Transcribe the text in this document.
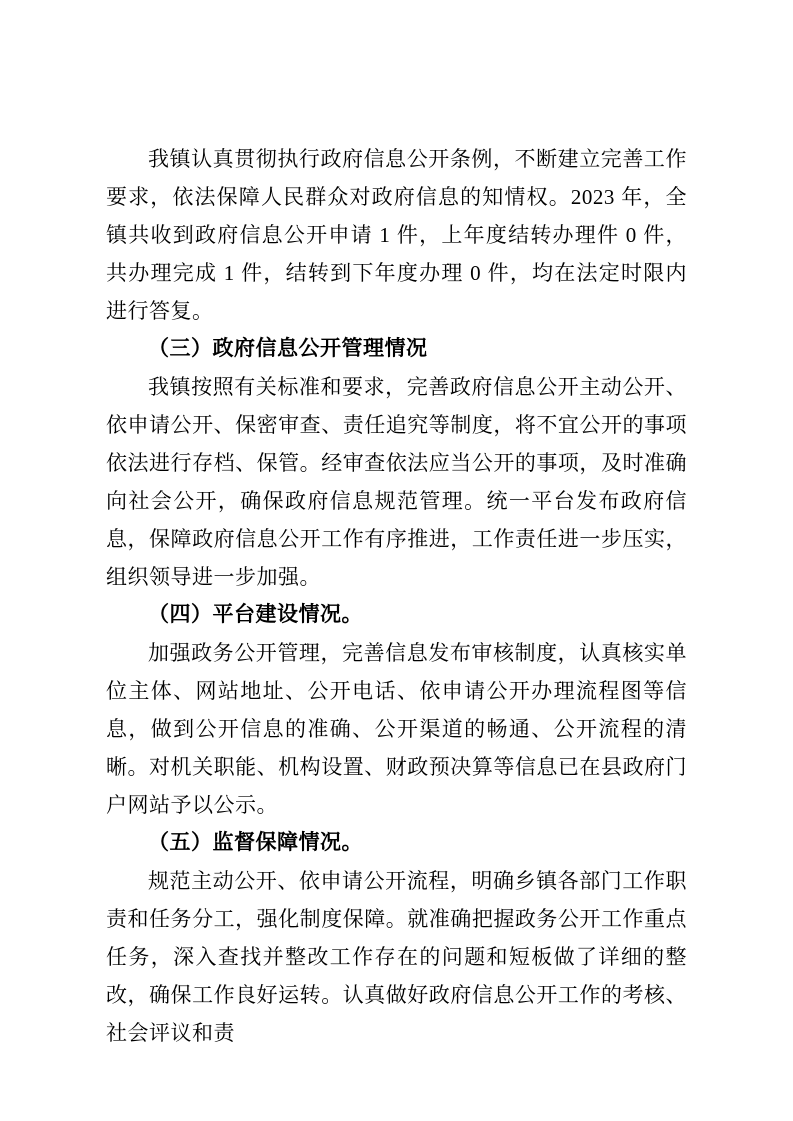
我镇认真贯彻执行政府信息公开条例，不断建立完善工作要求，依法保障人民群众对政府信息的知情权。2023 年，全镇共收到政府信息公开申请 1 件，上年度结转办理件 0 件，共办理完成 1 件，结转到下年度办理 0 件，均在法定时限内进行答复。

（三）政府信息公开管理情况

我镇按照有关标准和要求，完善政府信息公开主动公开、依申请公开、保密审查、责任追究等制度，将不宜公开的事项依法进行存档、保管。经审查依法应当公开的事项，及时准确向社会公开，确保政府信息规范管理。统一平台发布政府信息，保障政府信息公开工作有序推进，工作责任进一步压实，组织领导进一步加强。

（四）平台建设情况。

加强政务公开管理，完善信息发布审核制度，认真核实单位主体、网站地址、公开电话、依申请公开办理流程图等信息，做到公开信息的准确、公开渠道的畅通、公开流程的清晰。对机关职能、机构设置、财政预决算等信息已在县政府门户网站予以公示。

（五）监督保障情况。

规范主动公开、依申请公开流程，明确乡镇各部门工作职责和任务分工，强化制度保障。就准确把握政务公开工作重点任务，深入查找并整改工作存在的问题和短板做了详细的整改，确保工作良好运转。认真做好政府信息公开工作的考核、社会评议和责
